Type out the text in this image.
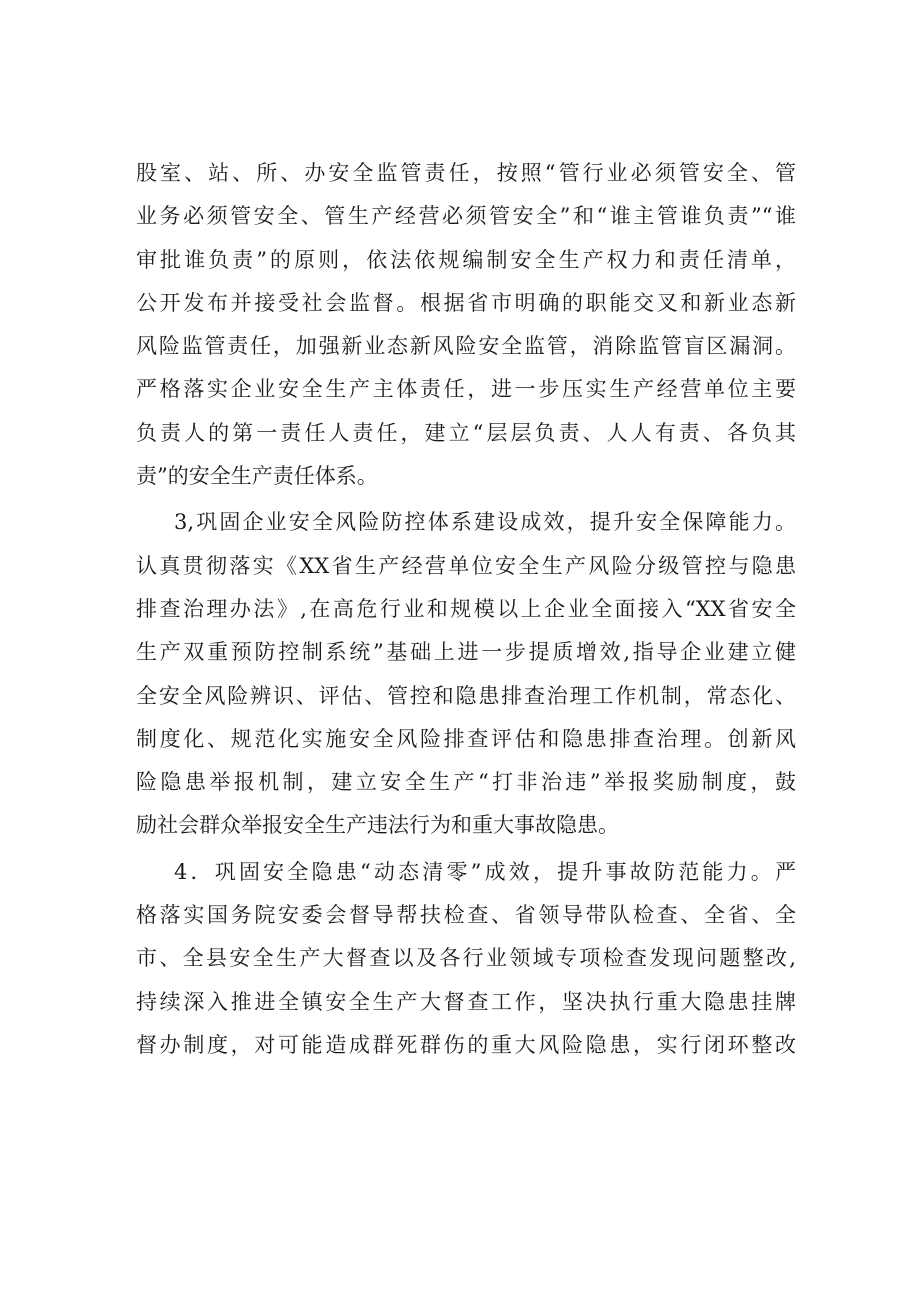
股室、站、所、办安全监管责任，按照“管行业必须管安全、管
业务必须管安全、管生产经营必须管安全”和“谁主管谁负责”“谁
审批谁负责”的原则，依法依规编制安全生产权力和责任清单，
公开发布并接受社会监督。根据省市明确的职能交叉和新业态新
风险监管责任，加强新业态新风险安全监管，消除监管盲区漏洞。
严格落实企业安全生产主体责任，进一步压实生产经营单位主要
负责人的第一责任人责任，建立“层层负责、人人有责、各负其
责”的安全生产责任体系。
3,巩固企业安全风险防控体系建设成效，提升安全保障能力。
认真贯彻落实《XX省生产经营单位安全生产风险分级管控与隐患
排查治理办法》,在高危行业和规模以上企业全面接入“XX省安全
生产双重预防控制系统”基础上进一步提质增效,指导企业建立健
全安全风险辨识、评估、管控和隐患排查治理工作机制，常态化、
制度化、规范化实施安全风险排查评估和隐患排查治理。创新风
险隐患举报机制，建立安全生产“打非治违”举报奖励制度，鼓
励社会群众举报安全生产违法行为和重大事故隐患。
4．巩固安全隐患“动态清零”成效，提升事故防范能力。严
格落实国务院安委会督导帮扶检查、省领导带队检查、全省、全
市、全县安全生产大督查以及各行业领域专项检查发现问题整改,
持续深入推进全镇安全生产大督查工作，坚决执行重大隐患挂牌
督办制度，对可能造成群死群伤的重大风险隐患，实行闭环整改
